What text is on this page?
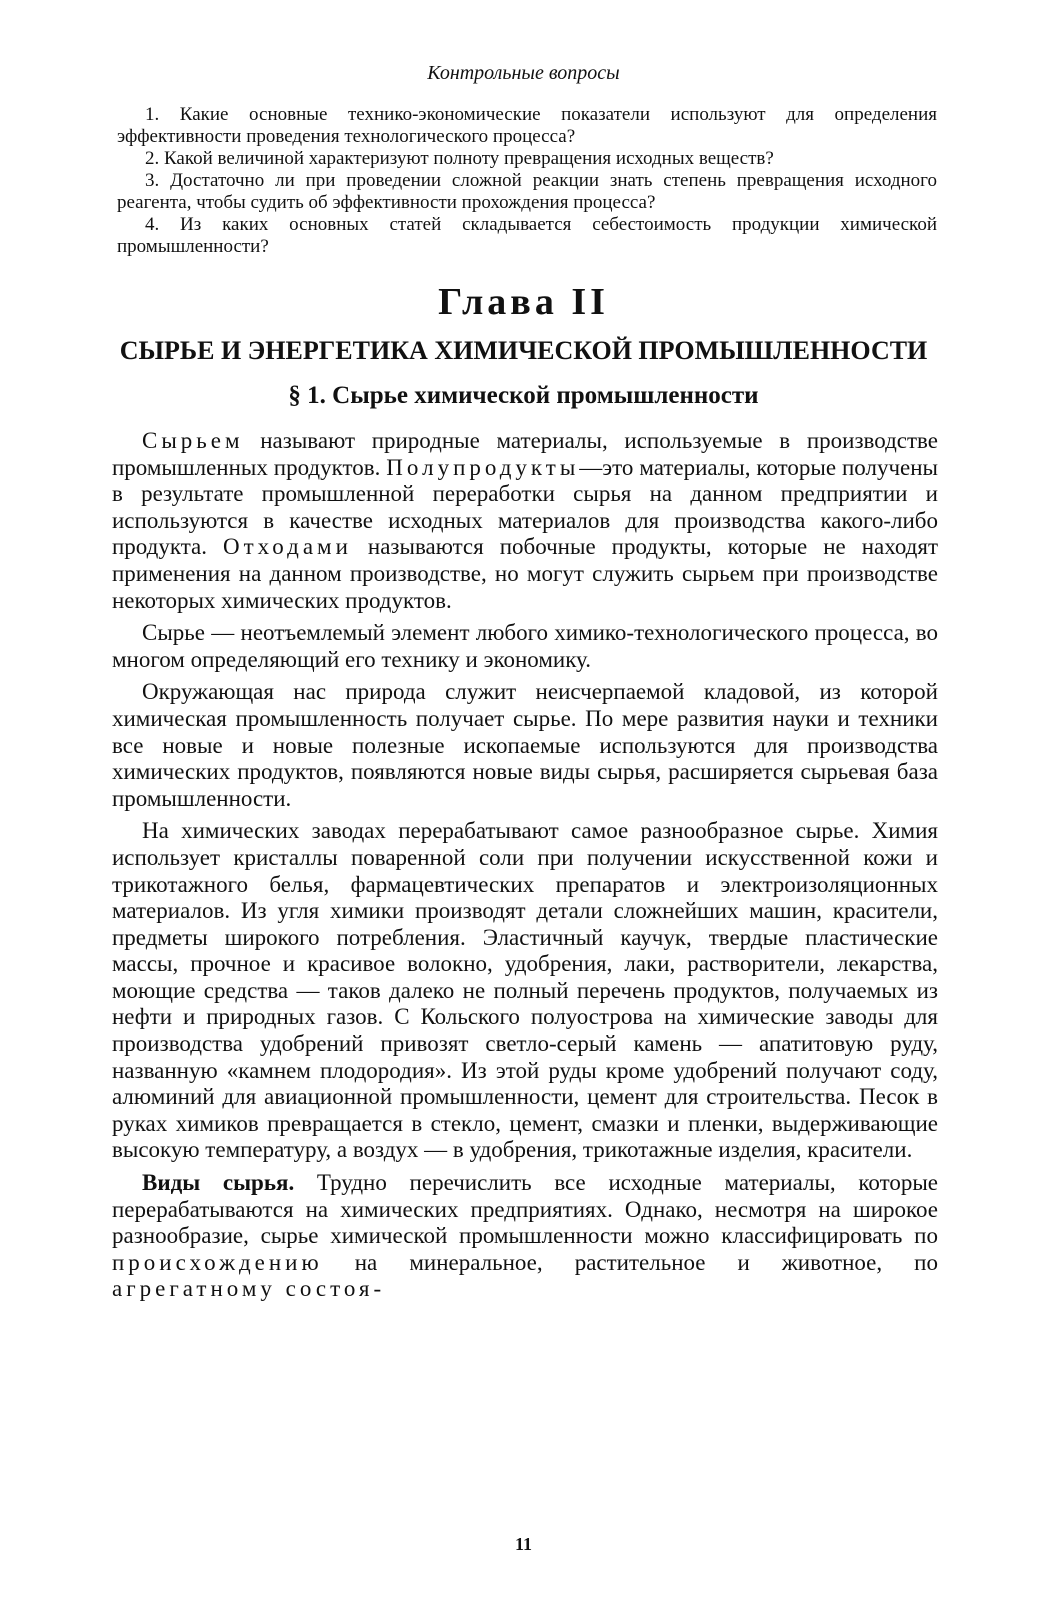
Контрольные вопросы

1. Какие основные технико-экономические показатели используют для определения эффективности проведения технологического процесса?

2. Какой величиной характеризуют полноту превращения исходных веществ?

3. Достаточно ли при проведении сложной реакции знать степень превращения исходного реагента, чтобы судить об эффективности прохождения процесса?

4. Из каких основных статей складывается себестоимость продукции химической промышленности?

Глава II
СЫРЬЕ И ЭНЕРГЕТИКА ХИМИЧЕСКОЙ ПРОМЫШЛЕННОСТИ
§ 1. Сырье химической промышленности

Сырьем называют природные материалы, используемые в производстве промышленных продуктов. Полупродукты—это материалы, которые получены в результате промышленной переработки сырья на данном предприятии и используются в качестве исходных материалов для производства какого-либо продукта. Отходами называются побочные продукты, которые не находят применения на данном производстве, но могут служить сырьем при производстве некоторых химических продуктов.

Сырье — неотъемлемый элемент любого химико-технологического процесса, во многом определяющий его технику и экономику.

Окружающая нас природа служит неисчерпаемой кладовой, из которой химическая промышленность получает сырье. По мере развития науки и техники все новые и новые полезные ископаемые используются для производства химических продуктов, появляются новые виды сырья, расширяется сырьевая база промышленности.

На химических заводах перерабатывают самое разнообразное сырье. Химия использует кристаллы поваренной соли при получении искусственной кожи и трикотажного белья, фармацевтических препаратов и электроизоляционных материалов. Из угля химики производят детали сложнейших машин, красители, предметы широкого потребления. Эластичный каучук, твердые пластические массы, прочное и красивое волокно, удобрения, лаки, растворители, лекарства, моющие средства — таков далеко не полный перечень продуктов, получаемых из нефти и природных газов. С Кольского полуострова на химические заводы для производства удобрений привозят светло-серый камень — апатитовую руду, названную «камнем плодородия». Из этой руды кроме удобрений получают соду, алюминий для авиационной промышленности, цемент для строительства. Песок в руках химиков превращается в стекло, цемент, смазки и пленки, выдерживающие высокую температуру, а воздух — в удобрения, трикотажные изделия, красители.

Виды сырья. Трудно перечислить все исходные материалы, которые перерабатываются на химических предприятиях. Однако, несмотря на широкое разнообразие, сырье химической промышленности можно классифицировать по происхождению на минеральное, растительное и животное, по агрегатному состоя-

11
